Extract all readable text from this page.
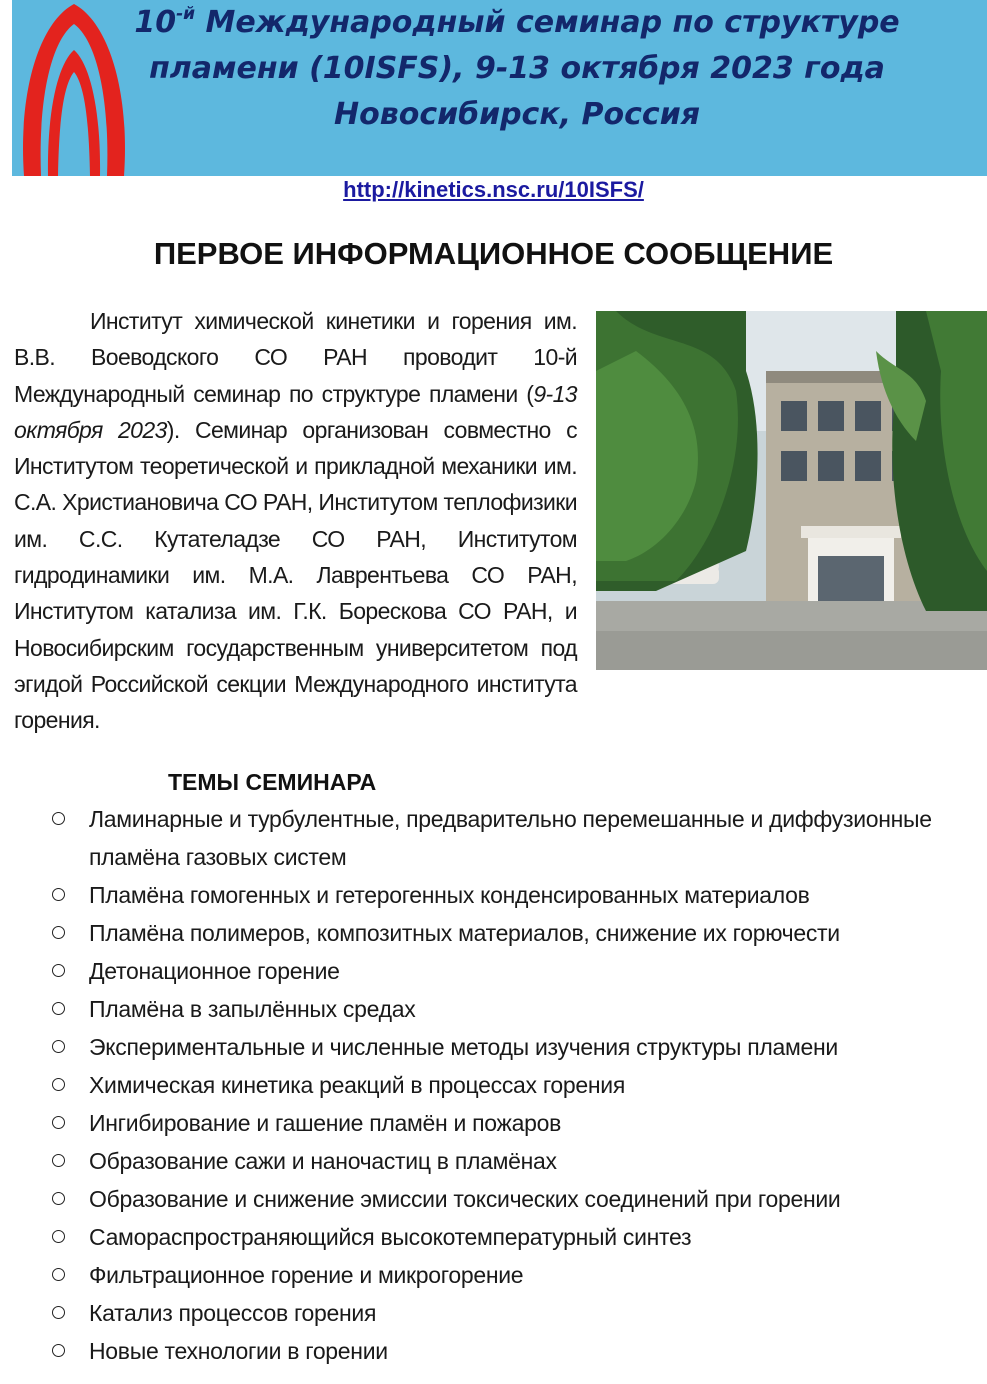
$10^{-й}$ Международный семинар по структуре
пламени (10ISFS), 9-13 октября 2023 года
Новосибирск, Россия
http://kinetics.nsc.ru/10ISFS/
ПЕРВОЕ ИНФОРМАЦИОННОЕ СООБЩЕНИЕ

Институт химической кинетики и горения им. В.В. Воеводского СО РАН проводит 10-й Международный семинар по структуре пламени (9-13 октября 2023). Семинар организован совместно с Институтом теоретической и прикладной механики им. С.А. Христиановича СО РАН, Институтом теплофизики им. С.С. Кутателадзе СО РАН, Институтом гидродинамики им. М.А. Лаврентьева СО РАН, Институтом катализа им. Г.К. Борескова СО РАН, и Новосибирским государственным университетом под эгидой Российской секции Международного института горения.

ТЕМЫ СЕМИНАРА
Ламинарные и турбулентные, предварительно перемешанные и диффузионные пламёна газовых систем
Пламёна гомогенных и гетерогенных конденсированных материалов
Пламёна полимеров, композитных материалов, снижение их горючести
Детонационное горение
Пламёна в запылённых средах
Экспериментальные и численные методы изучения структуры пламени
Химическая кинетика реакций в процессах горения
Ингибирование и гашение пламён и пожаров
Образование сажи и наночастиц в пламёнах
Образование и снижение эмиссии токсических соединений при горении
Самораспространяющийся высокотемпературный синтез
Фильтрационное горение и микрогорение
Катализ процессов горения
Новые технологии в горении
